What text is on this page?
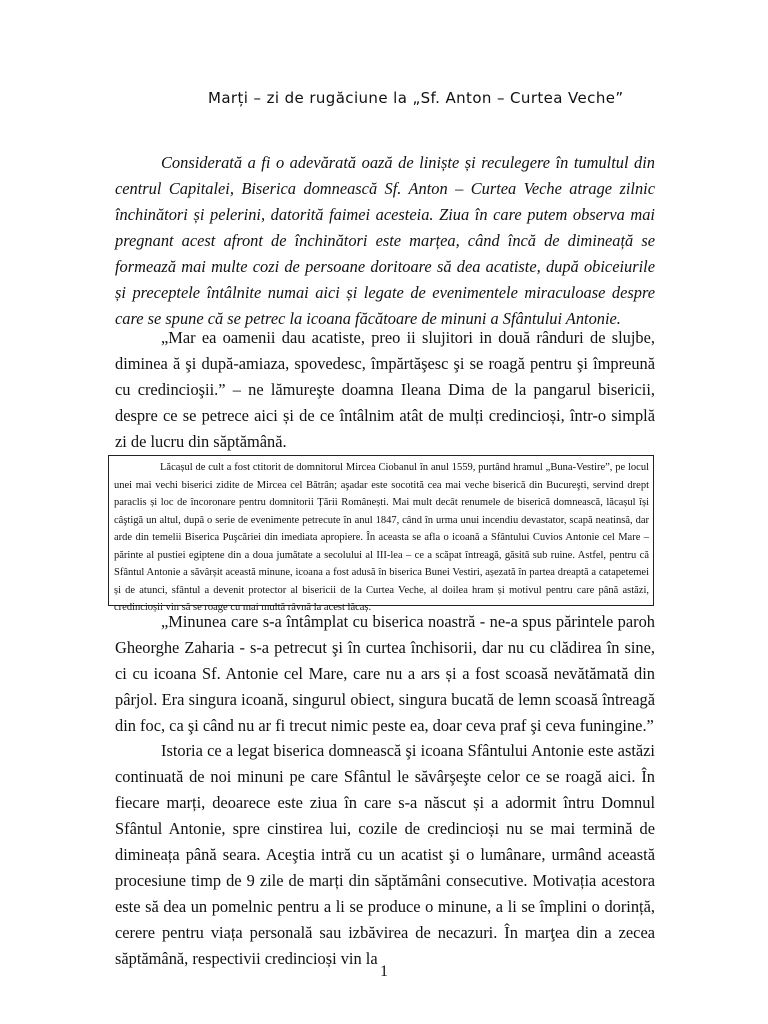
Marți – zi de rugăciune la „Sf. Anton – Curtea Veche”

Considerată a fi o adevărată oază de liniște și reculegere în tumultul din centrul Capitalei, Biserica domnească Sf. Anton – Curtea Veche atrage zilnic închinători și pelerini, datorită faimei acesteia. Ziua în care putem observa mai pregnant acest afront de închinători este marțea, când încă de dimineață se formează mai multe cozi de persoane doritoare să dea acatiste, după obiceiurile și preceptele întâlnite numai aici și legate de evenimentele miraculoase despre care se spune că se petrec la icoana făcătoare de minuni a Sfântului Antonie.

„Mar ea oamenii dau acatiste, preo ii slujitori in două rânduri de slujbe, diminea ă şi după-amiaza, spovedesc, împărtăşesc şi se roagă pentru şi împreună cu credincioşii.” – ne lămureşte doamna Ileana Dima de la pangarul bisericii, despre ce se petrece aici și de ce întâlnim atât de mulți credincioși, într-o simplă zi de lucru din săptămână.

Lăcașul de cult a fost ctitorit de domnitorul Mircea Ciobanul în anul 1559, purtând hramul „Buna-Vestire”, pe locul unei mai vechi biserici zidite de Mircea cel Bătrân; aşadar este socotită cea mai veche biserică din Bucureşti, servind drept paraclis și loc de încoronare pentru domnitorii Țării Românești. Mai mult decât renumele de biserică domnească, lăcașul își câştigă un altul, după o serie de evenimente petrecute în anul 1847, când în urma unui incendiu devastator, scapă neatinsă, dar arde din temelii Biserica Puşcăriei din imediata apropiere. În aceasta se afla o icoană a Sfântului Cuvios Antonie cel Mare – părinte al pustiei egiptene din a doua jumătate a secolului al III-lea – ce a scăpat întreagă, găsită sub ruine. Astfel, pentru că Sfântul Antonie a săvârșit această minune, icoana a fost adusă în biserica Bunei Vestiri, așezată în partea dreaptă a catapetemei și de atunci, sfântul a devenit protector al bisericii de la Curtea Veche, al doilea hram și motivul pentru care până astăzi, credincioșii vin să se roage cu mai multă râvnă la acest lăcaș.

„Minunea care s-a întâmplat cu biserica noastră - ne-a spus părintele paroh Gheorghe Zaharia - s-a petrecut şi în curtea închisorii, dar nu cu clădirea în sine, ci cu icoana Sf. Antonie cel Mare, care nu a ars și a fost scoasă nevătămată din pârjol. Era singura icoană, singurul obiect, singura bucată de lemn scoasă întreagă din foc, ca şi când nu ar fi trecut nimic peste ea, doar ceva praf şi ceva funingine.”

Istoria ce a legat biserica domnească şi icoana Sfântului Antonie este astăzi continuată de noi minuni pe care Sfântul le săvârşeşte celor ce se roagă aici. În fiecare marți, deoarece este ziua în care s-a născut și a adormit întru Domnul Sfântul Antonie, spre cinstirea lui, cozile de credincioși nu se mai termină de dimineața până seara. Aceştia intră cu un acatist şi o lumânare, urmând această procesiune timp de 9 zile de marți din săptămâni consecutive. Motivația acestora este să dea un pomelnic pentru a li se produce o minune, a li se împlini o dorință, cerere pentru viața personală sau izbăvirea de necazuri. În marţea din a zecea săptămână, respectivii credincioși vin la

1
